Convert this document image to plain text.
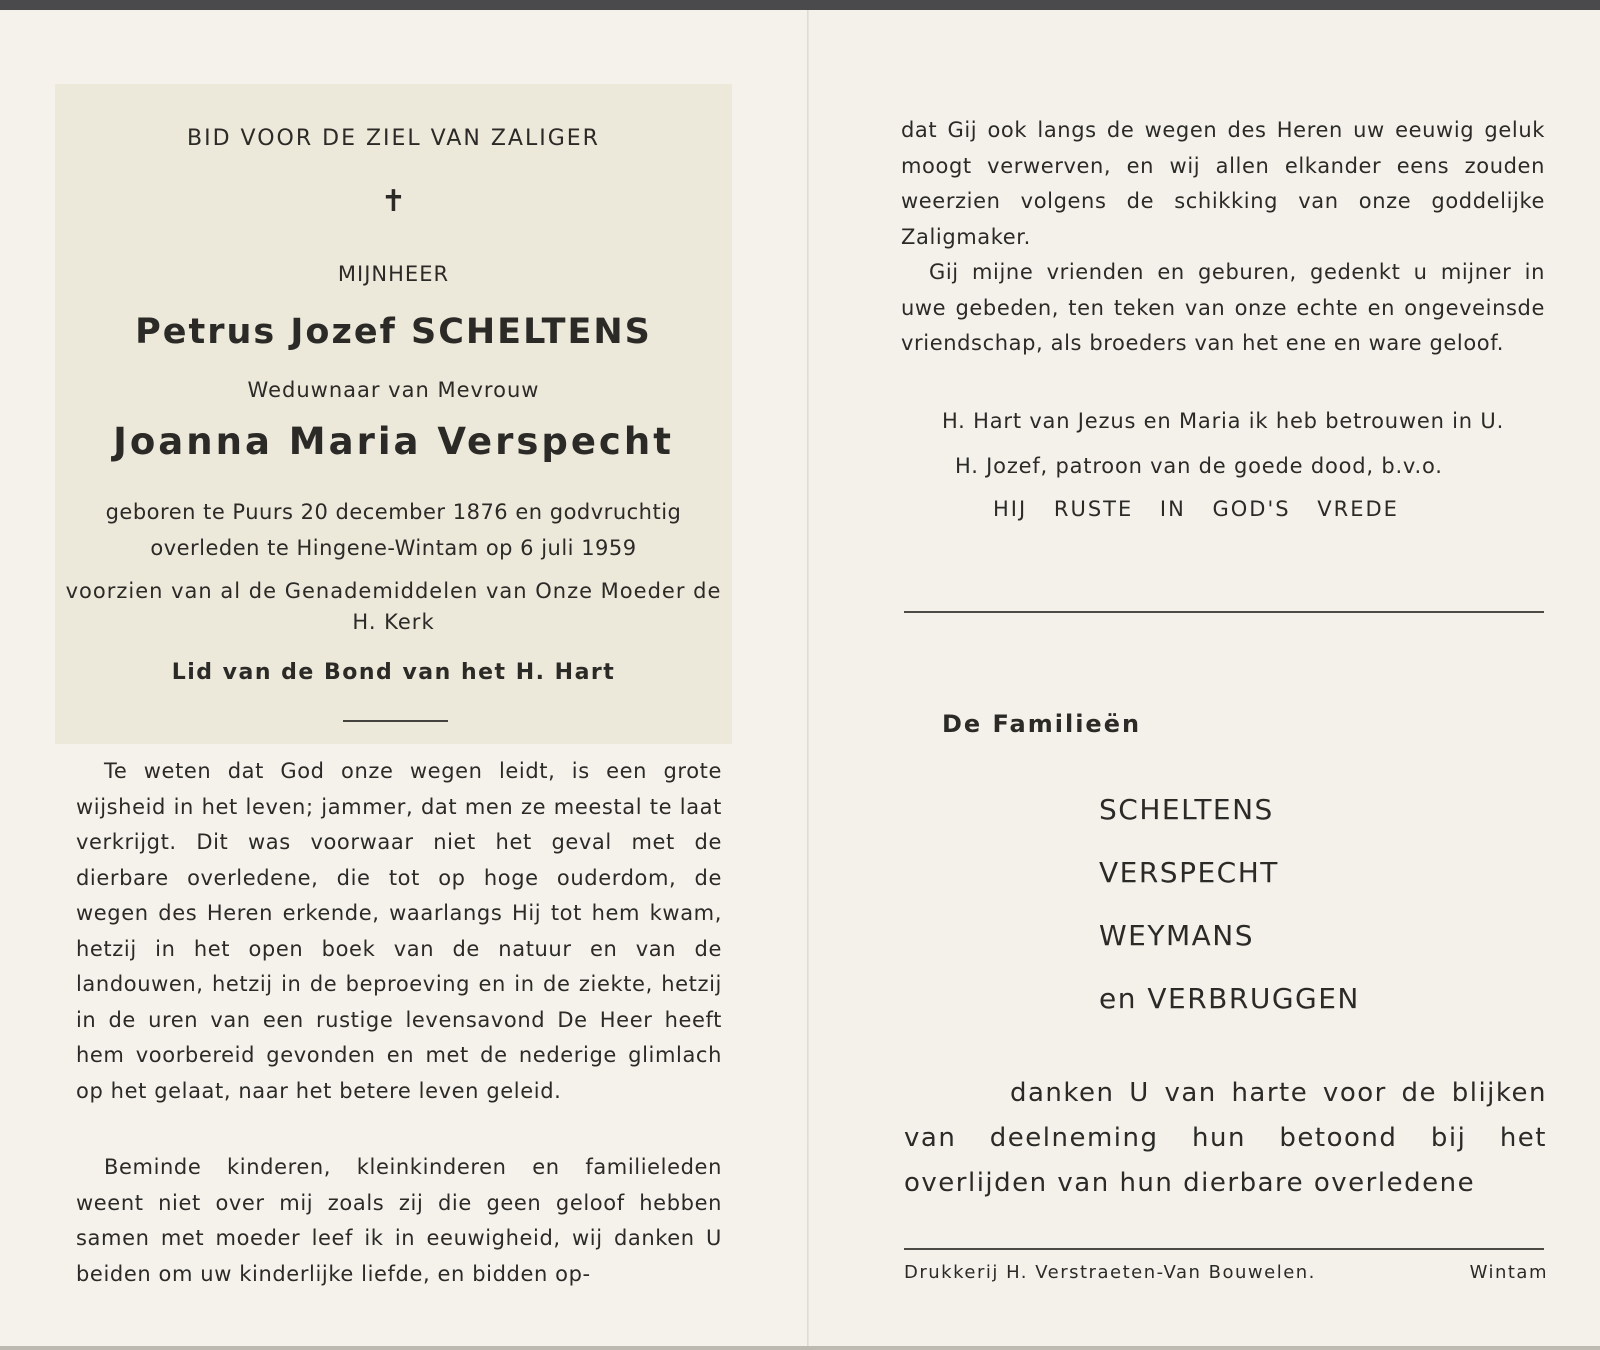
BID VOOR DE ZIEL VAN ZALIGER
✝
MIJNHEER
Petrus Jozef SCHELTENS
Weduwnaar van Mevrouw
Joanna Maria Verspecht
geboren te Puurs 20 december 1876 en godvruchtig overleden te Hingene-Wintam op 6 juli 1959
voorzien van al de Genademiddelen van Onze Moeder de H. Kerk
Lid van de Bond van het H. Hart
Te weten dat God onze wegen leidt, is een grote wijsheid in het leven; jammer, dat men ze meestal te laat verkrijgt. Dit was voorwaar niet het geval met de dierbare overledene, die tot op hoge ouderdom, de wegen des Heren erkende, waarlangs Hij tot hem kwam, hetzij in het open boek van de natuur en van de landouwen, hetzij in de beproeving en in de ziekte, hetzij in de uren van een rustige levensavond De Heer heeft hem voorbereid gevonden en met de nederige glimlach op het gelaat, naar het betere leven geleid.
Beminde kinderen, kleinkinderen en familieleden weent niet over mij zoals zij die geen geloof hebben samen met moeder leef ik in eeuwigheid, wij danken U beiden om uw kinderlijke liefde, en bidden op-
dat Gij ook langs de wegen des Heren uw eeuwig geluk moogt verwerven, en wij allen elkander eens zouden weerzien volgens de schikking van onze goddelijke Zaligmaker.
Gij mijne vrienden en geburen, gedenkt u mijner in uwe gebeden, ten teken van onze echte en ongeveinsde vriendschap, als broeders van het ene en ware geloof.
H. Hart van Jezus en Maria ik heb betrouwen in U.
H. Jozef, patroon van de goede dood, b.v.o.
HIJ RUSTE IN GOD'S VREDE
De Familieën
SCHELTENS
VERSPECHT
WEYMANS
en VERBRUGGEN
danken U van harte voor de blijken van deelneming hun betoond bij het overlijden van hun dierbare overledene
Drukkerij H. Verstraeten-Van Bouwelen.	Wintam
